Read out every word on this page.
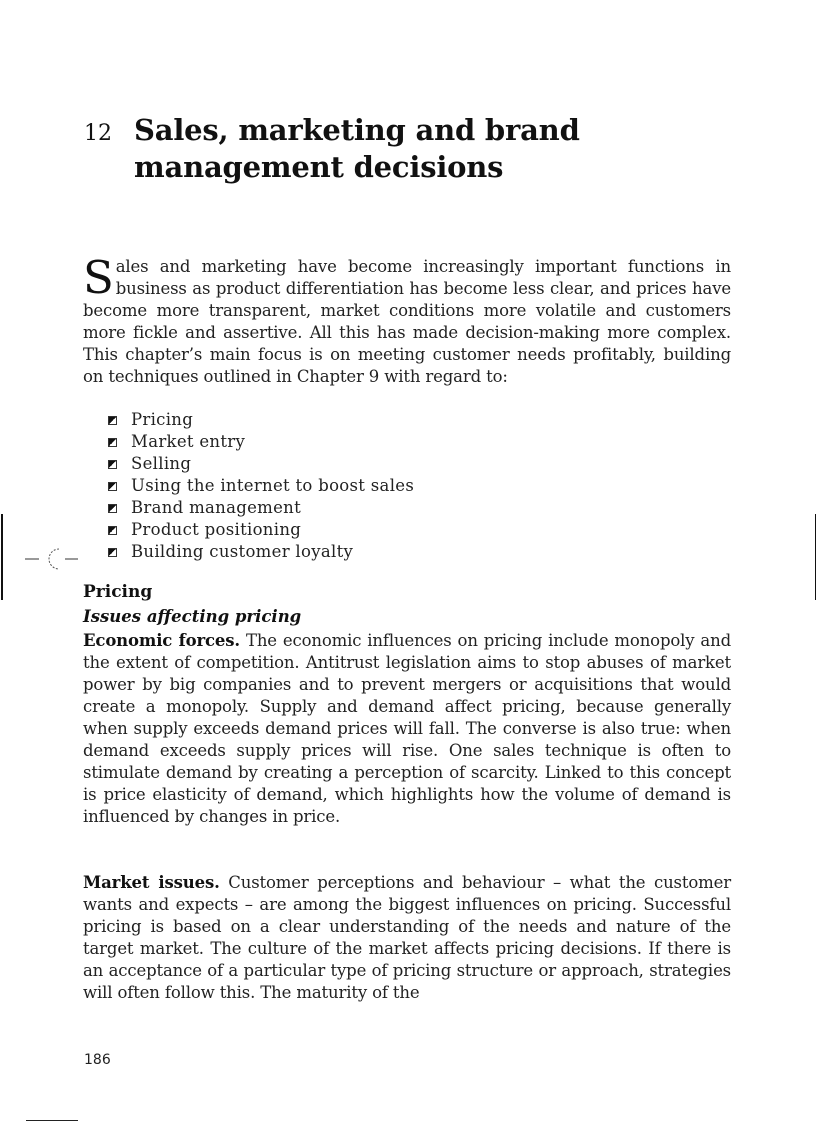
12 Sales, marketing and brand
management decisions
Sales and marketing have become increasingly important functions in business as product differentiation has become less clear, and prices have become more transparent, market conditions more volatile and customers more fickle and assertive. All this has made decision-making more complex. This chapter’s main focus is on meeting customer needs profitably, building on techniques outlined in Chapter 9 with regard to:
Pricing
Market entry
Selling
Using the internet to boost sales
Brand management
Product positioning
Building customer loyalty
Pricing
Issues affecting pricing

Economic forces. The economic influences on pricing include monopoly and the extent of competition. Antitrust legislation aims to stop abuses of market power by big companies and to prevent mergers or acquisitions that would create a monopoly. Supply and demand affect pricing, because generally when supply exceeds demand prices will fall. The converse is also true: when demand exceeds supply prices will rise. One sales technique is often to stimulate demand by creating a perception of scarcity. Linked to this concept is price elasticity of demand, which highlights how the volume of demand is influenced by changes in price.

Market issues. Customer perceptions and behaviour – what the customer wants and expects – are among the biggest influences on pricing. Successful pricing is based on a clear understanding of the needs and nature of the target market. The culture of the market affects pricing decisions. If there is an acceptance of a particular type of pricing structure or approach, strategies will often follow this. The maturity of the

186
